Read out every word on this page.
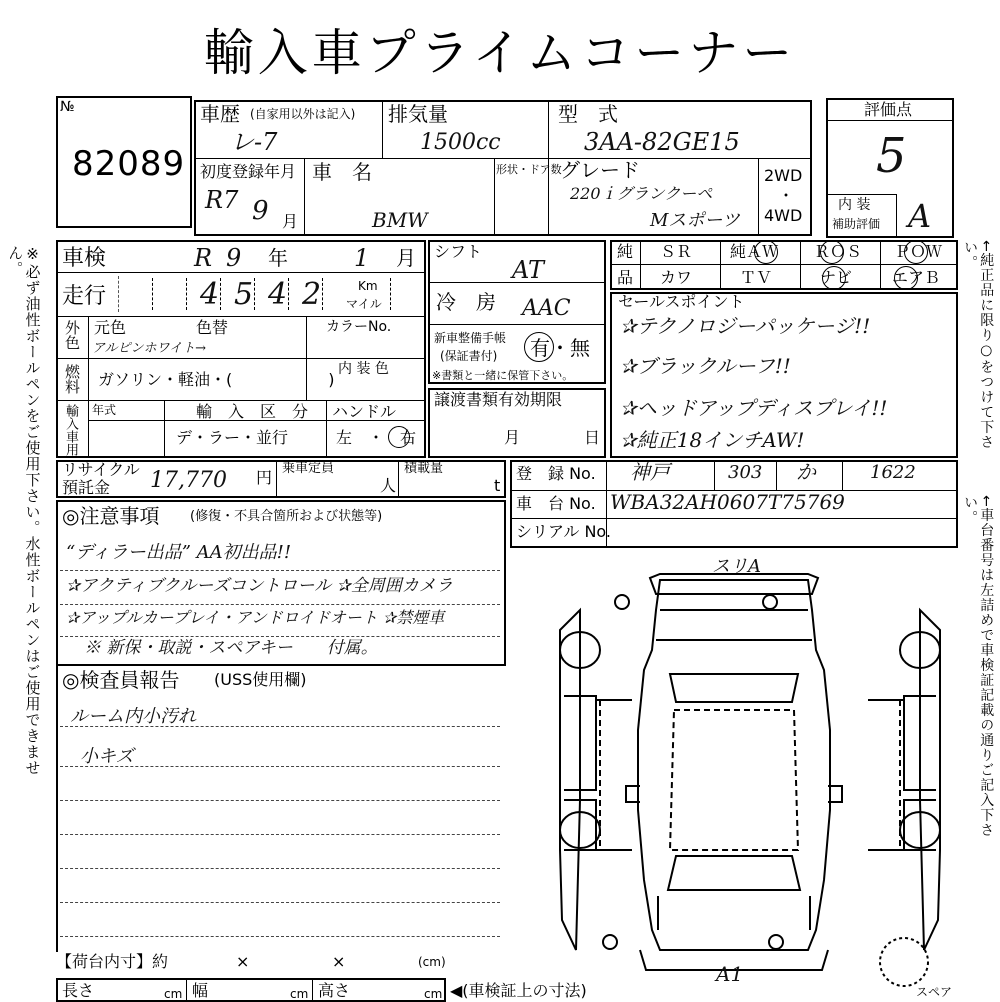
輸入車プライムコーナー
※必ず油性ボールペンをご使用下さい。水性ボールペンはご使用できません。	←純正品に限り○をつけて下さい。
←車台番号は左詰めで車検証記載の通りご記入下さい。
№
82089
車歴 (自家用以外は記入)
レ-7
排気量
1500cc
型　式
3AA-82GE15
初度登録年月
R7 9 月
車　名
BMW
形状・ドア数
グレード
220ｉグランクーペ
Mスポーツ
2WD
・
4WD
評価点
5
内 装
補助評価 A
車検	R 9 年	1 月
走行	4 5 4 2	Km
マイル
外色 元色	色替	カラーNo.
アルピンホワイト→
燃料 ガソリン・軽油・(　　　　　　)
内 装 色
輸入車用 年式	輸　入　区　分
デ・ラー・並行
ハンドル
左　・　右
シフト
AT
冷　房 AAC
新車整備手帳
(保証書付) 有・無
※書類と一緒に保管下さい。
譲渡書類有効期限
月	日
純
品
ＳＲ 純ＡＷ ＲＯＳ ＰＯＷ
カワ	ＴＶ	ナビ エアＢ
セールスポイント
✰テクノロジーパッケージ!!
✰ブラックルーフ!!
✰ヘッドアップディスプレイ!!
✰純正18インチAW!
リサイクル
預託金 17,770 円 乗車定員
人
積載量
t
登　録 No. 神戸	303 か	1622
車　台 No. WBA32AH0607T75769
シリアル No.
◎注意事項 (修復・不具合箇所および状態等)
“ディラー出品” AA初出品!!
✰アクティブクルーズコントロール ✰全周囲カメラ
✰アップルカープレイ・アンドロイドオート ✰禁煙車
※ 新保・取説・スペアキー　　付属。
◎検査員報告 (USS使用欄)
ルーム内小汚れ
小キズ
【荷台内寸】約	×	×	(cm)
長さ	cm 幅	cm 高さ	cm ◀(車検証上の寸法)
スリA
A1
スペア
